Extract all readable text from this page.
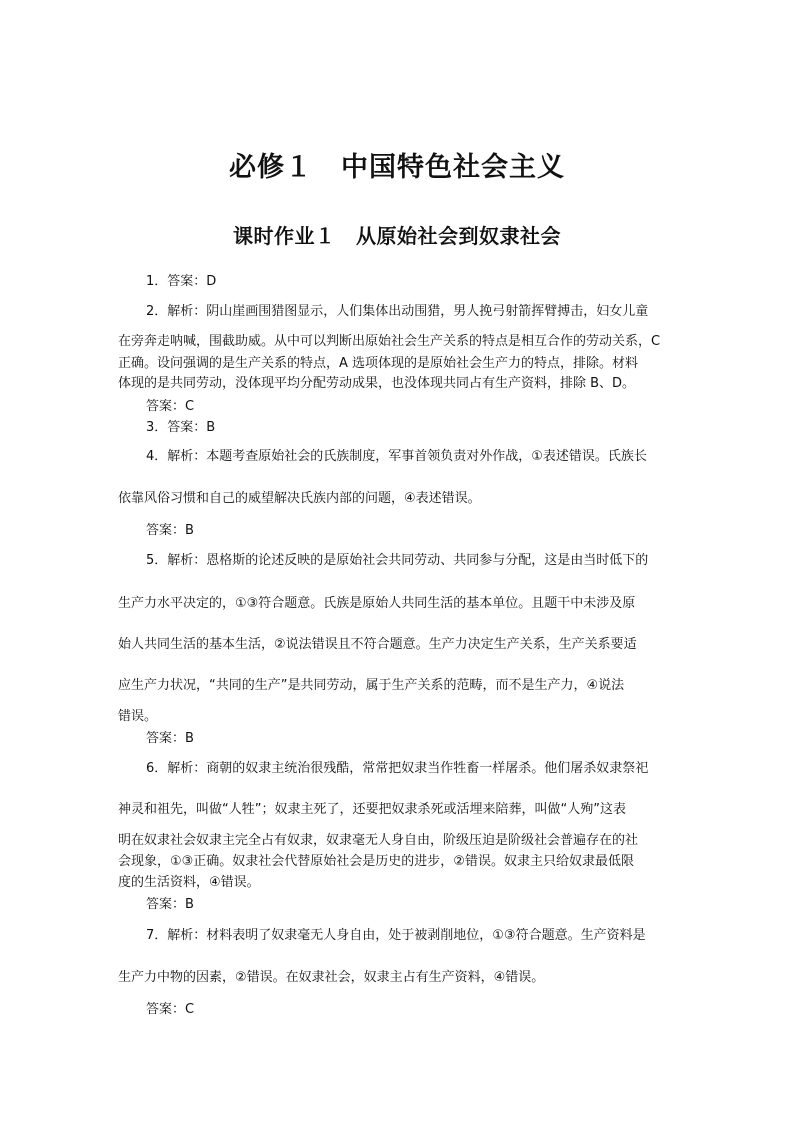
必修１　中国特色社会主义
课时作业１　从原始社会到奴隶社会
1．答案：D
2．解析：阴山崖画围猎图显示，人们集体出动围猎，男人挽弓射箭挥臂搏击，妇女儿童
在旁奔走呐喊，围截助威。从中可以判断出原始社会生产关系的特点是相互合作的劳动关系，C
正确。设问强调的是生产关系的特点，A 选项体现的是原始社会生产力的特点，排除。材料
体现的是共同劳动，没体现平均分配劳动成果，也没体现共同占有生产资料，排除 B、D。
答案：C
3．答案：B
4．解析：本题考查原始社会的氏族制度，军事首领负责对外作战，①表述错误。氏族长
依靠风俗习惯和自己的威望解决氏族内部的问题，④表述错误。
答案：B
5．解析：恩格斯的论述反映的是原始社会共同劳动、共同参与分配，这是由当时低下的
生产力水平决定的，①③符合题意。氏族是原始人共同生活的基本单位。且题干中未涉及原
始人共同生活的基本生活，②说法错误且不符合题意。生产力决定生产关系，生产关系要适
应生产力状况，“共同的生产”是共同劳动，属于生产关系的范畴，而不是生产力，④说法
错误。
答案：B
6．解析：商朝的奴隶主统治很残酷，常常把奴隶当作牲畜一样屠杀。他们屠杀奴隶祭祀
神灵和祖先，叫做“人牲”；奴隶主死了，还要把奴隶杀死或活埋来陪葬，叫做“人殉”这表
明在奴隶社会奴隶主完全占有奴隶，奴隶毫无人身自由，阶级压迫是阶级社会普遍存在的社
会现象，①③正确。奴隶社会代替原始社会是历史的进步，②错误。奴隶主只给奴隶最低限
度的生活资料，④错误。
答案：B
7．解析：材料表明了奴隶毫无人身自由，处于被剥削地位，①③符合题意。生产资料是
生产力中物的因素，②错误。在奴隶社会，奴隶主占有生产资料，④错误。
答案：C
